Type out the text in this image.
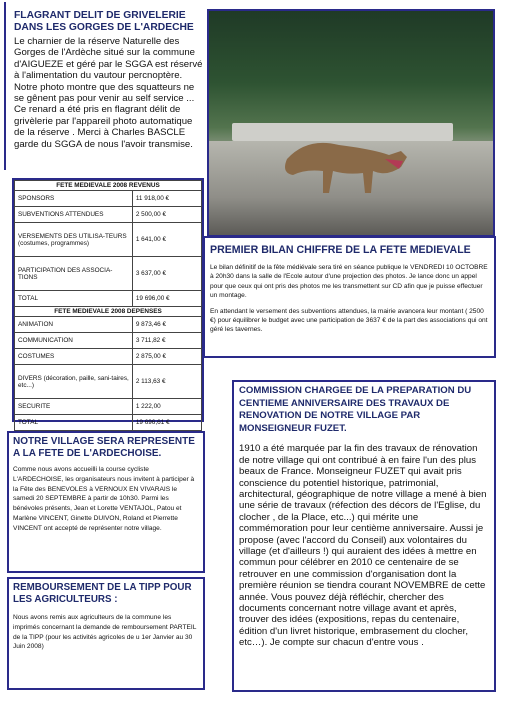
FLAGRANT DELIT DE GRIVELERIE DANS LES GORGES DE L'ARDECHE
Le charnier de la réserve Naturelle des Gorges de l'Ardèche situé sur la commune d'AIGUEZE et géré par le SGGA est réservé à l'alimentation du vautour percnoptère. Notre photo montre que des squatteurs ne se gênent pas pour venir au self service ... Ce renard a été pris en flagrant délit de grivèlerie par l'appareil photo automatique de la réserve . Merci à Charles BASCLE garde du SGGA de nous l'avoir transmise.
FETE MEDIEVALE 2008 REVENUS	
SPONSORS	11 918,00 €
SUBVENTIONS ATTENDUES	2 500,00 €
VERSEMENTS DES UTILISA-TEURS (costumes, programmes)	1 641,00 €
PARTICIPATION DES ASSOCIA-TIONS	3 637,00 €
TOTAL	19 696,00 €
FETE MEDIEVALE 2008 DEPENSES	
ANIMATION	9 873,46 €
COMMUNICATION	3 711,82 €
COSTUMES	2 875,00 €
DIVERS (décoration, paille, sani-taires, etc...)	2 113,63 €
SECURITE	1 222,00
TOTAL	19 696,61 €
PREMIER BILAN CHIFFRE DE LA FETE MEDIEVALE
Le bilan définitif de la fête médiévale sera tiré en séance publique le VENDREDI 10 OCTOBRE à 20h30 dans la salle de l'Ecole autour d'une projection des photos. Je lance donc un appel pour que ceux qui ont pris des photos me les transmettent sur CD afin que je puisse effectuer un montage.
En attendant le versement des subventions attendues, la mairie avancera leur montant ( 2500 €) pour équilibrer le budget avec une participation de 3637 € de la part des associations qui ont géré les tavernes.
COMMISSION CHARGEE DE LA PREPARATION DU CENTIEME ANNIVERSAIRE DES TRAVAUX DE RENOVATION DE NOTRE VILLAGE PAR MONSEIGNEUR FUZET.
1910 a été marquée par la fin des travaux de rénovation de notre village qui ont contribué à en faire l'un des plus beaux de France. Monseigneur FUZET qui avait pris conscience du potentiel historique, patrimonial, architectural, géographique de notre village a mené à bien une série de travaux (réfection des décors de l'Eglise, du clocher , de la Place, etc...) qui mérite une commémoration pour leur centième anniversaire. Aussi je propose (avec l'accord du Conseil) aux volontaires du village (et d'ailleurs !) qui auraient des idées à mettre en commun pour célébrer en 2010 ce centenaire de se retrouver en une commission d'organisation dont la première réunion se tiendra courant NOVEMBRE de cette année. Vous pouvez déjà réfléchir, chercher des documents concernant notre village avant et après, trouver des idées (expositions, repas du centenaire, édition d'un livret historique, embrasement du clocher, etc…). Je compte sur chacun d'entre vous .
NOTRE VILLAGE SERA REPRESENTE A LA FETE DE L'ARDECHOISE.
Comme nous avons accueilli la course cycliste L'ARDECHOISE, les organisateurs nous invitent à participer à la Fête des BENEVOLES à VERNOUX EN VIVARAIS le samedi 20 SEPTEMBRE à partir de 10h30. Parmi les bénévoles présents, Jean et Lorette VENTAJOL, Patou et Marlène VINCENT, Ginette DUIVON, Roland et Pierrette VINCENT ont accepté de représenter notre village.
REMBOURSEMENT DE LA TIPP POUR LES AGRICULTEURS :
Nous avons remis aux agriculteurs de la commune les imprimés concernant la demande de remboursement PARTEIL de la TIPP (pour les activités agricoles de u 1er Janvier au 30 Juin 2008)
